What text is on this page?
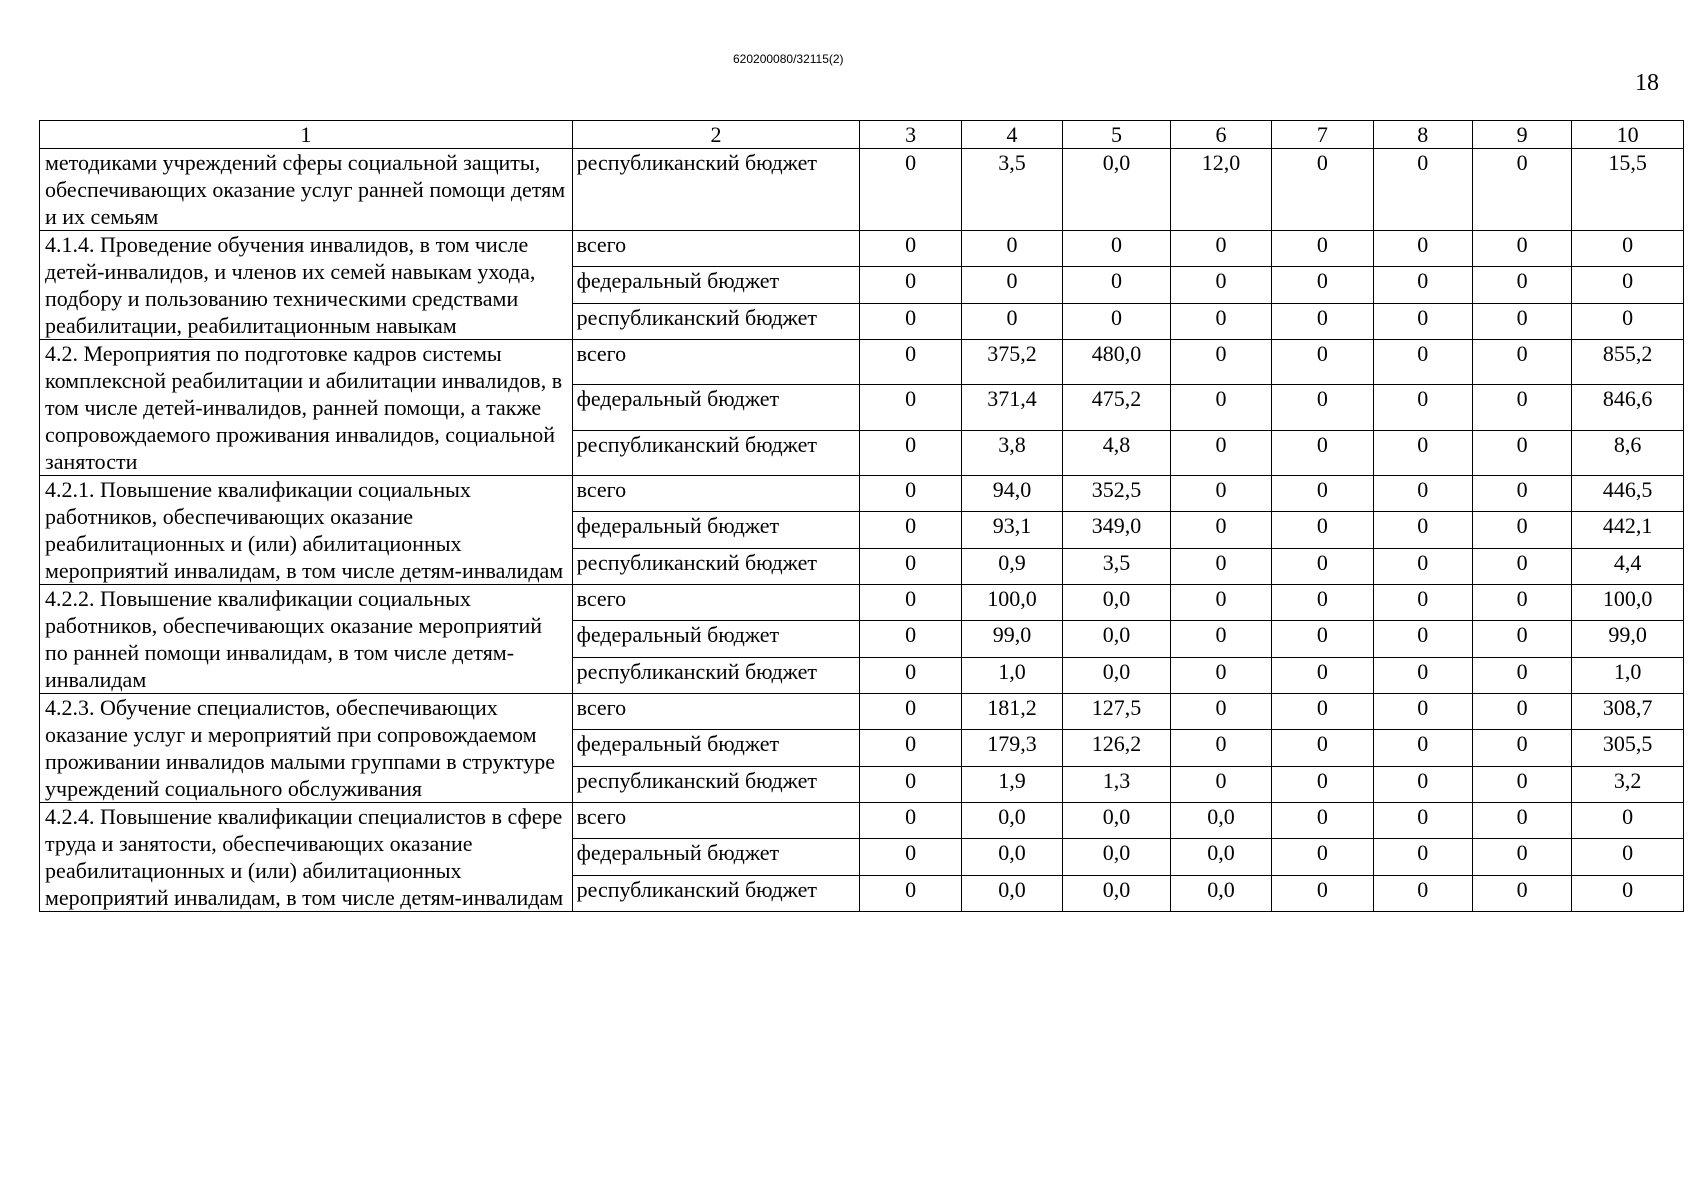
620200080/32115(2)
18
1	2	3	4	5	6	7	8	9	10
методиками учреждений сферы социальной защиты, обеспечивающих оказание услуг ранней помощи детям и их семьям	республиканский бюджет	0	3,5	0,0	12,0	0	0	0	15,5
4.1.4. Проведение обучения инвалидов, в том числе детей-инвалидов, и членов их семей навыкам ухода, подбору и пользованию техническими средствами реабилитации, реабилитационным навыкам	всего	0	0	0	0	0	0	0	0
	федеральный бюджет	0	0	0	0	0	0	0	0
	республиканский бюджет	0	0	0	0	0	0	0	0
4.2. Мероприятия по подготовке кадров системы комплексной реабилитации и абилитации инвалидов, в том числе детей-инвалидов, ранней помощи, а также сопровождаемого проживания инвалидов, социальной занятости	всего	0	375,2	480,0	0	0	0	0	855,2
	федеральный бюджет	0	371,4	475,2	0	0	0	0	846,6
	республиканский бюджет	0	3,8	4,8	0	0	0	0	8,6
4.2.1. Повышение квалификации социальных работников, обеспечивающих оказание реабилитационных и (или) абилитационных мероприятий инвалидам, в том числе детям-инвалидам	всего	0	94,0	352,5	0	0	0	0	446,5
	федеральный бюджет	0	93,1	349,0	0	0	0	0	442,1
	республиканский бюджет	0	0,9	3,5	0	0	0	0	4,4
4.2.2. Повышение квалификации социальных работников, обеспечивающих оказание мероприятий по ранней помощи инвалидам, в том числе детям-инвалидам	всего	0	100,0	0,0	0	0	0	0	100,0
	федеральный бюджет	0	99,0	0,0	0	0	0	0	99,0
	республиканский бюджет	0	1,0	0,0	0	0	0	0	1,0
4.2.3. Обучение специалистов, обеспечивающих оказание услуг и мероприятий при сопровождаемом проживании инвалидов малыми группами в структуре учреждений социального обслуживания	всего	0	181,2	127,5	0	0	0	0	308,7
	федеральный бюджет	0	179,3	126,2	0	0	0	0	305,5
	республиканский бюджет	0	1,9	1,3	0	0	0	0	3,2
4.2.4. Повышение квалификации специалистов в сфере труда и занятости, обеспечивающих оказание реабилитационных и (или) абилитационных мероприятий инвалидам, в том числе детям-инвалидам	всего	0	0,0	0,0	0,0	0	0	0	0
	федеральный бюджет	0	0,0	0,0	0,0	0	0	0	0
	республиканский бюджет	0	0,0	0,0	0,0	0	0	0	0
